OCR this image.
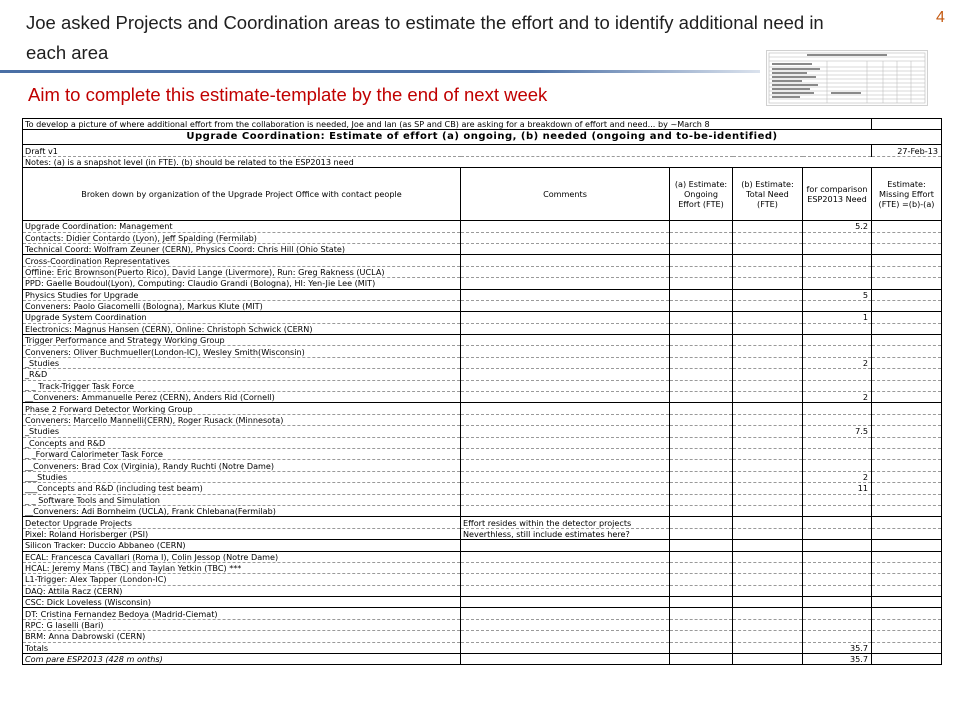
Joe asked Projects and Coordination areas to estimate the effort and to identify additional need in each area
4
Aim to complete this estimate-template by the end of next week
To develop a picture of where additional effort from the collaboration is needed, Joe and Ian (as SP and CB) are asking for a breakdown of effort and need... by ~March 8					
Upgrade Coordination: Estimate of effort (a) ongoing, (b) needed (ongoing and to-be-identified)					
Draft v1					27-Feb-13
Notes: (a) is a snapshot level (in FTE). (b) should be related to the ESP2013 need					
Broken down by organization of the Upgrade Project Office with contact people	Comments	(a) Estimate: Ongoing Effort (FTE)	(b) Estimate: Total Need (FTE)	for comparison ESP2013 Need	Estimate: Missing Effort (FTE) =(b)-(a)
Upgrade Coordination: Management				5.2	
Contacts: Didier Contardo (Lyon), Jeff Spalding (Fermilab)					
Technical Coord: Wolfram Zeuner (CERN), Physics Coord: Chris Hill (Ohio State)					
Cross-Coordination Representatives					
Offline: Eric Brownson(Puerto Rico), David Lange (Livermore), Run: Greg Rakness (UCLA)					
PPD: Gaelle Boudoul(Lyon), Computing: Claudio Grandi (Bologna), HI: Yen-Jie Lee (MIT)					
Physics Studies for Upgrade				5	
Conveners: Paolo Giacomelli (Bologna), Markus Klute (MIT)					
Upgrade System Coordination				1	
Electronics: Magnus Hansen (CERN), Online: Christoph Schwick (CERN)					
Trigger Performance and Strategy Working Group					
Conveners: Oliver Buchmueller(London-IC), Wesley Smith(Wisconsin)					
_Studies				2	
_R&D					
_ _ Track-Trigger Task Force					
__Conveners: Ammanuelle Perez (CERN), Anders Rid (Cornell)				2	
Phase 2 Forward Detector Working Group					
Conveners: Marcello Mannelli(CERN), Roger Rusack (Minnesota)					
_Studies				7.5	
_Concepts and R&D					
_ _Forward Calorimeter Task Force					
__Conveners: Brad Cox (Virginia), Randy Ruchti (Notre Dame)					
___Studies				2	
___Concepts and R&D (including test beam)				11	
_ _ Software Tools and Simulation					
__Conveners: Adi Bornheim (UCLA), Frank Chlebana(Fermilab)					
Detector Upgrade Projects	Effort resides within the detector projects				
Pixel: Roland Horisberger (PSI)	Neverthless, still include estimates here?				
Silicon Tracker: Duccio Abbaneo (CERN)					
ECAL: Francesca Cavallari (Roma I), Colin Jessop (Notre Dame)					
HCAL: Jeremy Mans (TBC) and Taylan Yetkin (TBC) ***					
L1-Trigger: Alex Tapper (London-IC)					
DAQ: Attila Racz (CERN)					
CSC: Dick Loveless (Wisconsin)					
DT: Cristina Fernandez Bedoya (Madrid-Ciemat)					
RPC: G Iaselli (Bari)					
BRM: Anna Dabrowski (CERN)					
Totals				35.7	
Com pare ESP2013 (428 m onths)				35.7	
